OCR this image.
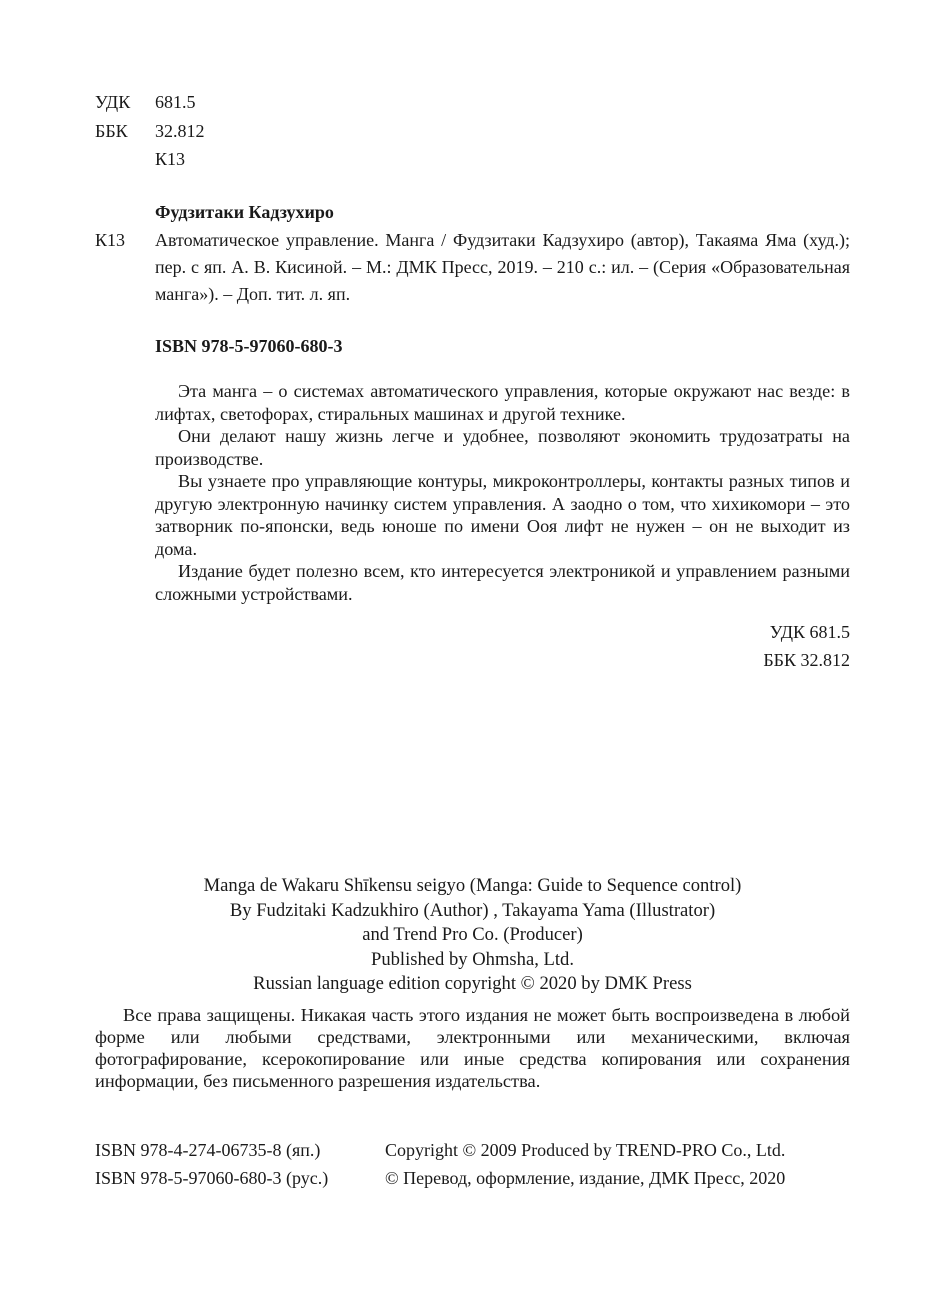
УДК 681.5
ББК 32.812
К13
Фудзитаки Кадзухиро
К13 Автоматическое управление. Манга / Фудзитаки Кадзухиро (автор), Такаяма Яма (худ.); пер. с яп. А. В. Кисиной. – М.: ДМК Пресс, 2019. – 210 с.: ил. – (Серия «Образовательная манга»). – Доп. тит. л. яп.
ISBN 978-5-97060-680-3

Эта манга – о системах автоматического управления, которые окружают нас везде: в лифтах, светофорах, стиральных машинах и другой технике.

Они делают нашу жизнь легче и удобнее, позволяют экономить трудозатраты на производстве.

Вы узнаете про управляющие контуры, микроконтроллеры, контакты разных типов и другую электронную начинку систем управления. А заодно о том, что хихикомори – это затворник по-японски, ведь юноше по имени Ооя лифт не нужен – он не выходит из дома.

Издание будет полезно всем, кто интересуется электроникой и управлением разными сложными устройствами.

УДК 681.5
ББК 32.812
Manga de Wakaru Shīkensu seigyo (Manga: Guide to Sequence control)
By Fudzitaki Kadzukhiro (Author) , Takayama Yama (Illustrator)
and Trend Pro Co. (Producer)
Published by Ohmsha, Ltd.
Russian language edition copyright © 2020 by DMK Press

Все права защищены. Никакая часть этого издания не может быть воспроизведена в любой форме или любыми средствами, электронными или механическими, включая фотографирование, ксерокопирование или иные средства копирования или сохранения информации, без письменного разрешения издательства.

ISBN 978-4-274-06735-8 (яп.)
ISBN 978-5-97060-680-3 (рус.)
Copyright © 2009 Produced by TREND-PRO Co., Ltd.
© Перевод, оформление, издание, ДМК Пресс, 2020
